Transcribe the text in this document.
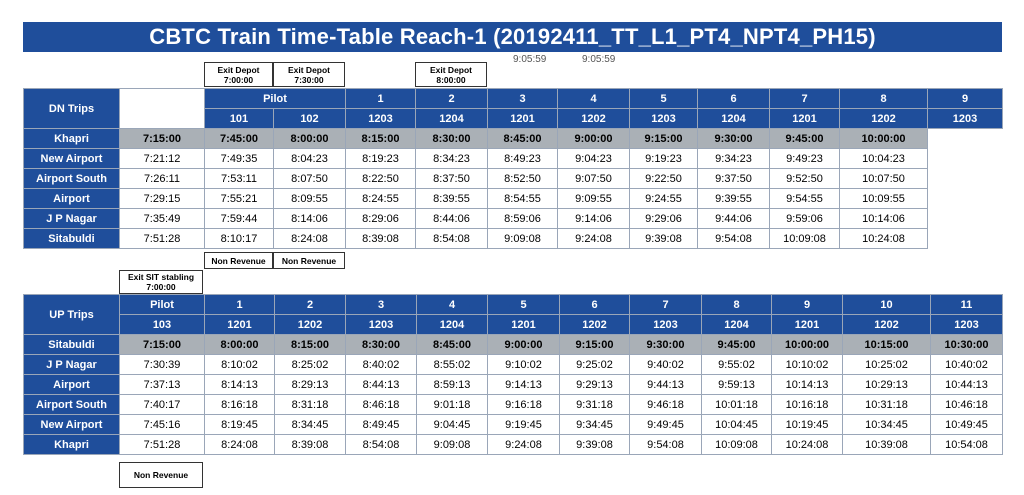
CBTC Train Time-Table Reach-1 (20192411_TT_L1_PT4_NPT4_PH15)
9:05:59	9:05:59
Exit Depot
7:00:00
Exit Depot
7:30:00
Exit Depot
8:00:00
DN Trips		Pilot		1	2	3	4	5	6	7	8	9
		101	102	1203	1204	1201	1202	1203	1204	1201	1202	1203
Khapri	7:15:00	7:45:00	8:00:00	8:15:00	8:30:00	8:45:00	9:00:00	9:15:00	9:30:00	9:45:00	10:00:00	
New Airport	7:21:12	7:49:35	8:04:23	8:19:23	8:34:23	8:49:23	9:04:23	9:19:23	9:34:23	9:49:23	10:04:23	
Airport South	7:26:11	7:53:11	8:07:50	8:22:50	8:37:50	8:52:50	9:07:50	9:22:50	9:37:50	9:52:50	10:07:50	
Airport	7:29:15	7:55:21	8:09:55	8:24:55	8:39:55	8:54:55	9:09:55	9:24:55	9:39:55	9:54:55	10:09:55	
J P Nagar	7:35:49	7:59:44	8:14:06	8:29:06	8:44:06	8:59:06	9:14:06	9:29:06	9:44:06	9:59:06	10:14:06	
Sitabuldi	7:51:28	8:10:17	8:24:08	8:39:08	8:54:08	9:09:08	9:24:08	9:39:08	9:54:08	10:09:08	10:24:08	
Non Revenue	Non Revenue
Exit SIT stabling
7:00:00
UP Trips	Pilot	1	2	3	4	5	6	7	8	9	10	11
	103	1201	1202	1203	1204	1201	1202	1203	1204	1201	1202	1203
Sitabuldi	7:15:00	8:00:00	8:15:00	8:30:00	8:45:00	9:00:00	9:15:00	9:30:00	9:45:00	10:00:00	10:15:00	10:30:00
J P Nagar	7:30:39	8:10:02	8:25:02	8:40:02	8:55:02	9:10:02	9:25:02	9:40:02	9:55:02	10:10:02	10:25:02	10:40:02
Airport	7:37:13	8:14:13	8:29:13	8:44:13	8:59:13	9:14:13	9:29:13	9:44:13	9:59:13	10:14:13	10:29:13	10:44:13
Airport South	7:40:17	8:16:18	8:31:18	8:46:18	9:01:18	9:16:18	9:31:18	9:46:18	10:01:18	10:16:18	10:31:18	10:46:18
New Airport	7:45:16	8:19:45	8:34:45	8:49:45	9:04:45	9:19:45	9:34:45	9:49:45	10:04:45	10:19:45	10:34:45	10:49:45
Khapri	7:51:28	8:24:08	8:39:08	8:54:08	9:09:08	9:24:08	9:39:08	9:54:08	10:09:08	10:24:08	10:39:08	10:54:08
Non Revenue
